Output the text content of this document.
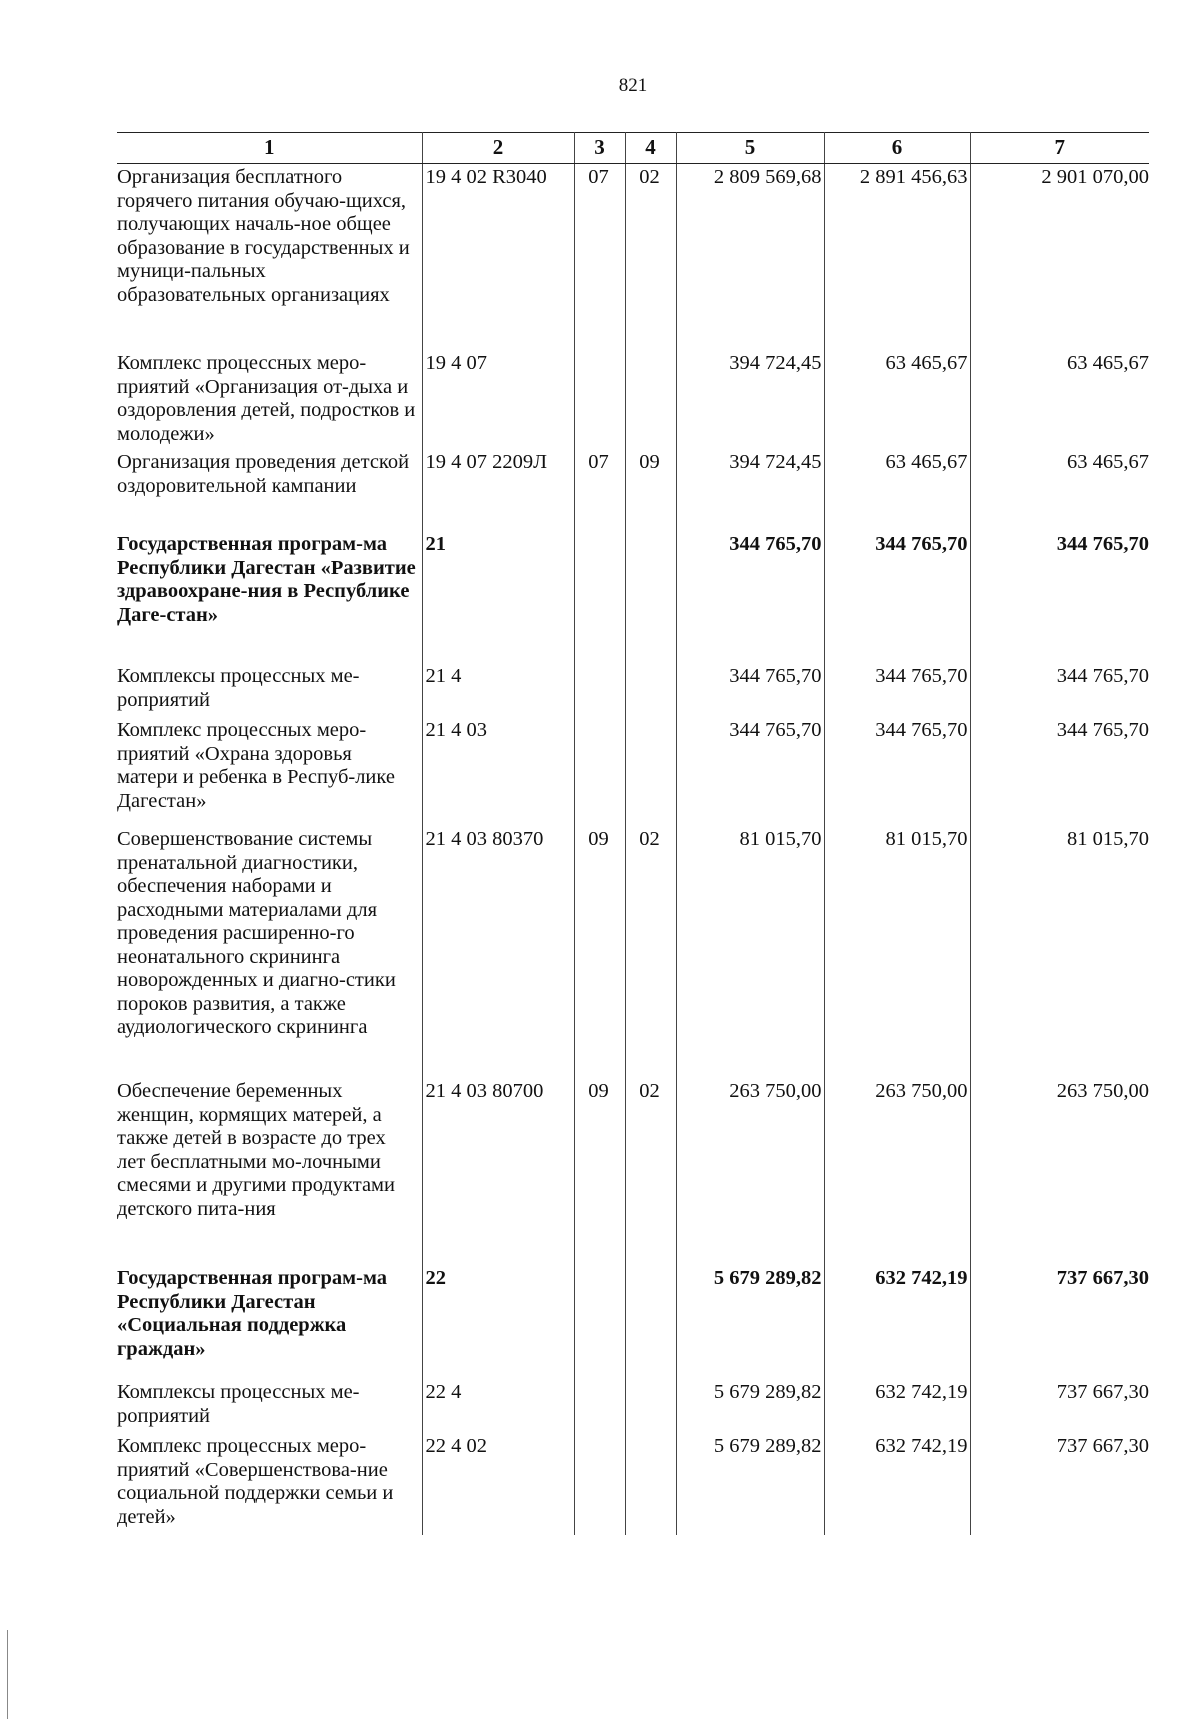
821
1	2	3	4	5	6	7
Организация бесплатного горячего питания обучаю-щихся, получающих началь-ное общее образование в государственных и муници-пальных образовательных организациях	19 4 02 R3040	07	02	2 809 569,68	2 891 456,63	2 901 070,00
Комплекс процессных меро-приятий «Организация от-дыха и оздоровления детей, подростков и молодежи»	19 4 07			394 724,45	63 465,67	63 465,67
Организация проведения детской оздоровительной кампании	19 4 07 2209Л	07	09	394 724,45	63 465,67	63 465,67
Государственная програм-ма Республики Дагестан «Развитие здравоохране-ния в Республике Даге-стан»	21			344 765,70	344 765,70	344 765,70
Комплексы процессных ме-роприятий	21 4			344 765,70	344 765,70	344 765,70
Комплекс процессных меро-приятий «Охрана здоровья матери и ребенка в Респуб-лике Дагестан»	21 4 03			344 765,70	344 765,70	344 765,70
Совершенствование системы пренатальной диагностики, обеспечения наборами и расходными материалами для проведения расширенно-го неонатального скрининга новорожденных и диагно-стики пороков развития, а также аудиологического скрининга	21 4 03 80370	09	02	81 015,70	81 015,70	81 015,70
Обеспечение беременных женщин, кормящих матерей, а также детей в возрасте до трех лет бесплатными мо-лочными смесями и другими продуктами детского пита-ния	21 4 03 80700	09	02	263 750,00	263 750,00	263 750,00
Государственная програм-ма Республики Дагестан «Социальная поддержка граждан»	22			5 679 289,82	632 742,19	737 667,30
Комплексы процессных ме-роприятий	22 4			5 679 289,82	632 742,19	737 667,30
Комплекс процессных меро-приятий «Совершенствова-ние социальной поддержки семьи и детей»	22 4 02			5 679 289,82	632 742,19	737 667,30
